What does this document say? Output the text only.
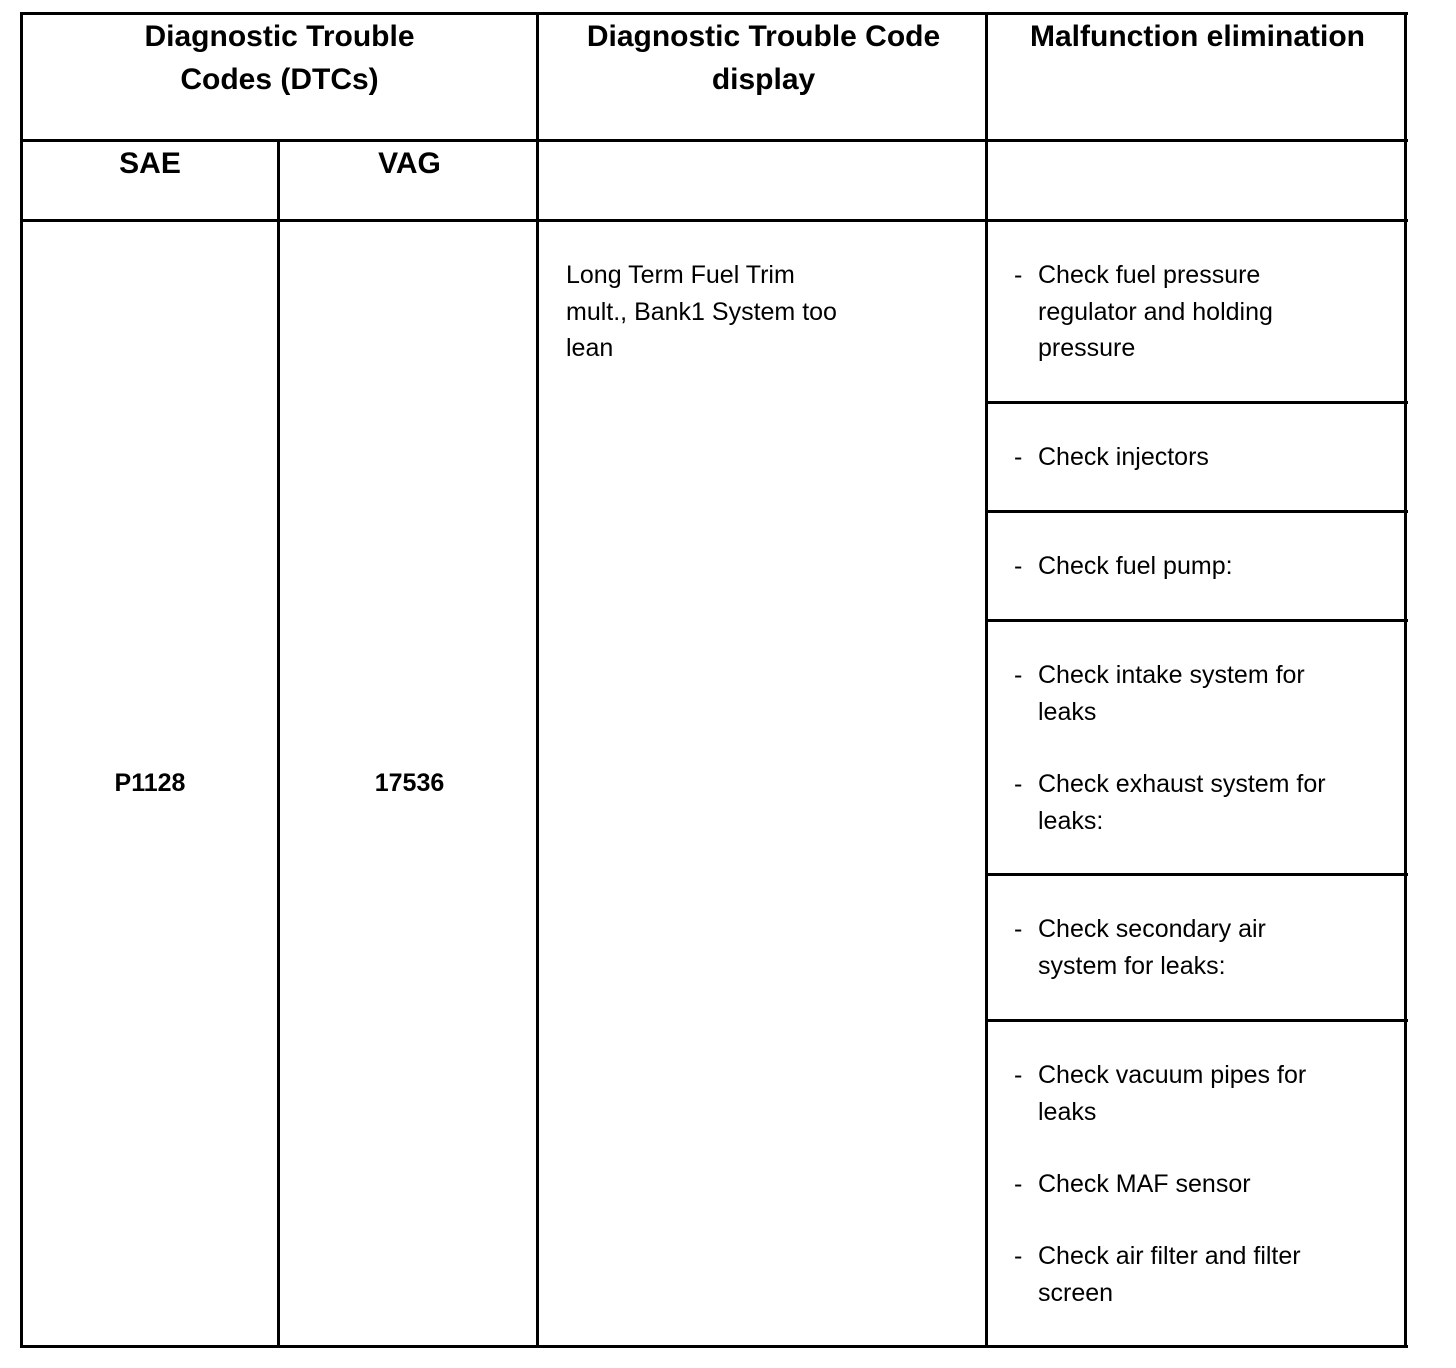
Diagnostic Trouble
Codes (DTCs)
Diagnostic Trouble Code
display
Malfunction elimination
SAE	VAG
P1128	17536
Long Term Fuel Trim
mult., Bank1 System too
lean
- Check fuel pressure
regulator and holding
pressure
- Check injectors
- Check fuel pump:
- Check intake system for
leaks
- Check exhaust system for
leaks:
- Check secondary air
system for leaks:
- Check vacuum pipes for
leaks
- Check MAF sensor
- Check air filter and filter
screen
